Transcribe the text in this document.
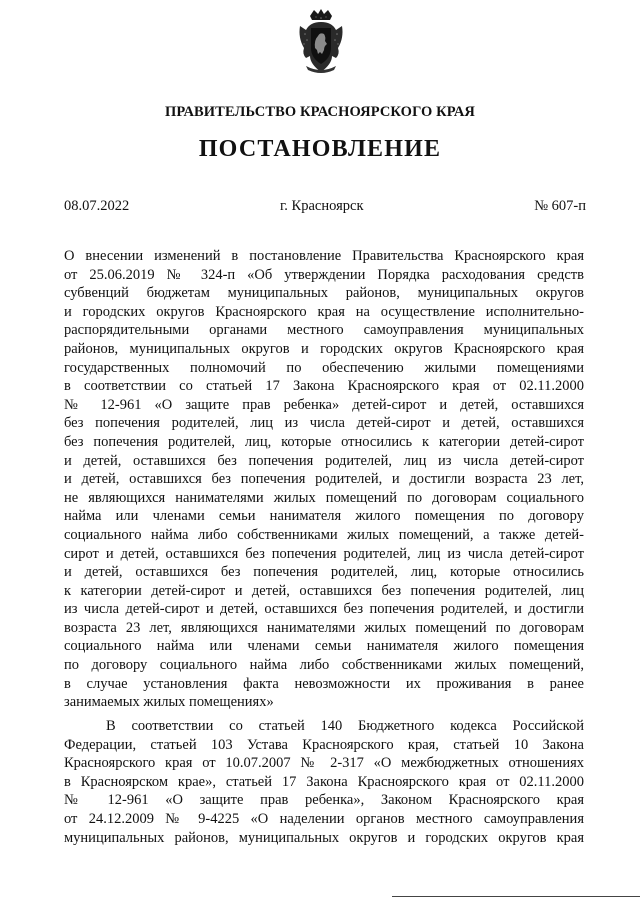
ПРАВИТЕЛЬСТВО КРАСНОЯРСКОГО КРАЯ
ПОСТАНОВЛЕНИЕ
08.07.2022	г. Красноярск	№ 607-п
О внесении изменений в постановление Правительства Красноярского края
от 25.06.2019 № 324-п «Об утверждении Порядка расходования средств
субвенций бюджетам муниципальных районов, муниципальных округов
и городских округов Красноярского края на осуществление исполнительно-
распорядительными органами местного самоуправления муниципальных
районов, муниципальных округов и городских округов Красноярского края
государственных полномочий по обеспечению жилыми помещениями
в соответствии со статьей 17 Закона Красноярского края от 02.11.2000
№ 12-961 «О защите прав ребенка» детей-сирот и детей, оставшихся
без попечения родителей, лиц из числа детей-сирот и детей, оставшихся
без попечения родителей, лиц, которые относились к категории детей-сирот
и детей, оставшихся без попечения родителей, лиц из числа детей-сирот
и детей, оставшихся без попечения родителей, и достигли возраста 23 лет,
не являющихся нанимателями жилых помещений по договорам социального
найма или членами семьи нанимателя жилого помещения по договору
социального найма либо собственниками жилых помещений, а также детей-
сирот и детей, оставшихся без попечения родителей, лиц из числа детей-сирот
и детей, оставшихся без попечения родителей, лиц, которые относились
к категории детей-сирот и детей, оставшихся без попечения родителей, лиц
из числа детей-сирот и детей, оставшихся без попечения родителей, и достигли
возраста 23 лет, являющихся нанимателями жилых помещений по договорам
социального найма или членами семьи нанимателя жилого помещения
по договору социального найма либо собственниками жилых помещений,
в случае установления факта невозможности их проживания в ранее
занимаемых жилых помещениях»
В соответствии со статьей 140 Бюджетного кодекса Российской
Федерации, статьей 103 Устава Красноярского края, статьей 10 Закона
Красноярского края от 10.07.2007 № 2-317 «О межбюджетных отношениях
в Красноярском крае», статьей 17 Закона Красноярского края от 02.11.2000
№ 12-961 «О защите прав ребенка», Законом Красноярского края
от 24.12.2009 № 9-4225 «О наделении органов местного самоуправления
муниципальных районов, муниципальных округов и городских округов края
